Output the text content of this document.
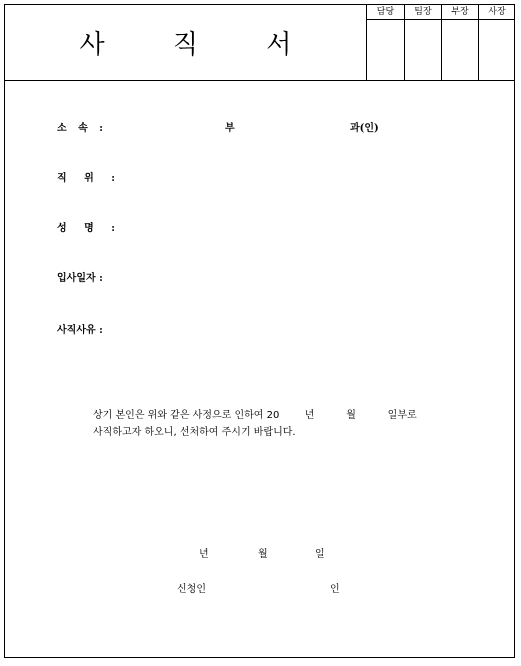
사 직 서
담당	팀장	부장	사장
소 속 :	부	과(인)
직 위 :
성 명 :
입사일자 :
사직사유 :
상기 본인은 위와 같은 사정으로 인하여 20        년          월          일부로
사직하고자 하오니, 선처하여 주시기 바랍니다.
년	월	일
신청인	인
